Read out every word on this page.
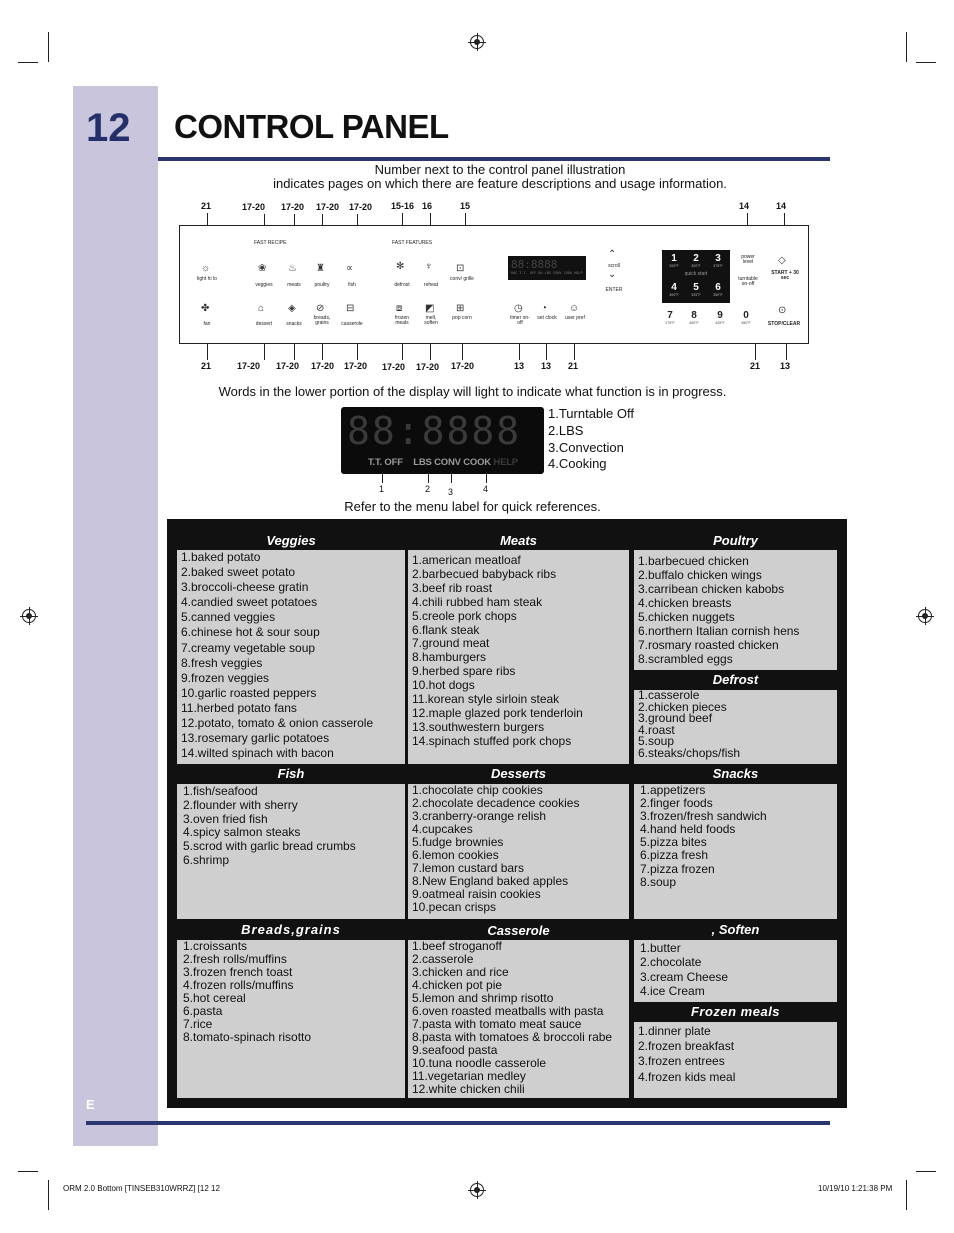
12 CONTROL PANEL
Number next to the control panel illustration
indicates pages on which there are feature descriptions and usage information.
21	17-20 17-20 17-20 17-20 15-16 16	15	14	14
FAST RECIPE	FAST FEATURES
☼
light hi lo
❀
veggies
♨
meats
♜
poultry
∝
fish
✻
defrost
♆
reheat
⊡
conv/ grille
✤
fan
⌂
dessert
◈
snacks
⊘
breads, grains
⊟
casserole
⧈
frozen meals
◩
melt, soften
⊞
pop corn
◷
timer on-off
◔
set clock
☺
user pref
88:8888
RAC T.T. OFF BU LBS CONV COOK HELP
⌃
scroll
⌄
ENTER
1
200°F
2
300°F
3
375°F
quick start
4
300°F
5
325°F
6
350°F
7
275°F
8
400°F
9
425°F
0
450°F
power level
turntable on-off
◇
START + 30 sec
⊙
STOP/CLEAR
21	17-20 17-20 17-20 17-20 17-20 17-20 17-20	13 13 21	21 13
Words in the lower portion of the display will light to indicate what function is in progress.
88:8888
T.T. OFF LBS CONV COOK HELP
1.Turntable Off
2.LBS
3.Convection
4.Cooking
1	2 3	4
Refer to the menu label for quick references.
Veggies
1.baked potato
2.baked sweet potato
3.broccoli-cheese gratin
4.candied sweet potatoes
5.canned veggies
6.chinese hot & sour soup
7.creamy vegetable soup
8.fresh veggies
9.frozen veggies
10.garlic roasted peppers
11.herbed potato fans
12.potato, tomato & onion casserole
13.rosemary garlic potatoes
14.wilted spinach with bacon
Fish
1.fish/seafood
2.flounder with sherry
3.oven fried fish
4.spicy salmon steaks
5.scrod with garlic bread crumbs
6.shrimp
Breads,grains
1.croissants
2.fresh rolls/muffins
3.frozen french toast
4.frozen rolls/muffins
5.hot cereal
6.pasta
7.rice
8.tomato-spinach risotto
Meats
1.american meatloaf
2.barbecued babyback ribs
3.beef rib roast
4.chili rubbed ham steak
5.creole pork chops
6.flank steak
7.ground meat
8.hamburgers
9.herbed spare ribs
10.hot dogs
11.korean style sirloin steak
12.maple glazed pork tenderloin
13.southwestern burgers
14.spinach stuffed pork chops
Desserts
1.chocolate chip cookies
2.chocolate decadence cookies
3.cranberry-orange relish
4.cupcakes
5.fudge brownies
6.lemon cookies
7.lemon custard bars
8.New England baked apples
9.oatmeal raisin cookies
10.pecan crisps
Casserole
1.beef stroganoff
2.casserole
3.chicken and rice
4.chicken pot pie
5.lemon and shrimp risotto
6.oven roasted meatballs with pasta
7.pasta with tomato meat sauce
8.pasta with tomatoes & broccoli rabe
9.seafood pasta
10.tuna noodle casserole
11.vegetarian medley
12.white chicken chili
Poultry
1.barbecued chicken
2.buffalo chicken wings
3.carribean chicken kabobs
4.chicken breasts
5.chicken nuggets
6.northern Italian cornish hens
7.rosmary roasted chicken
8.scrambled eggs
Defrost
1.casserole
2.chicken pieces
3.ground beef
4.roast
5.soup
6.steaks/chops/fish
Snacks
1.appetizers
2.finger foods
3.frozen/fresh sandwich
4.hand held foods
5.pizza bites
6.pizza fresh
7.pizza frozen
8.soup
, Soften
1.butter
2.chocolate
3.cream Cheese
4.ice Cream
Frozen meals
1.dinner plate
2.frozen breakfast
3.frozen entrees
4.frozen kids meal
E
ORM 2.0 Bottom [TINSEB310WRRZ] [12 12	10/19/10 1:21:38 PM
